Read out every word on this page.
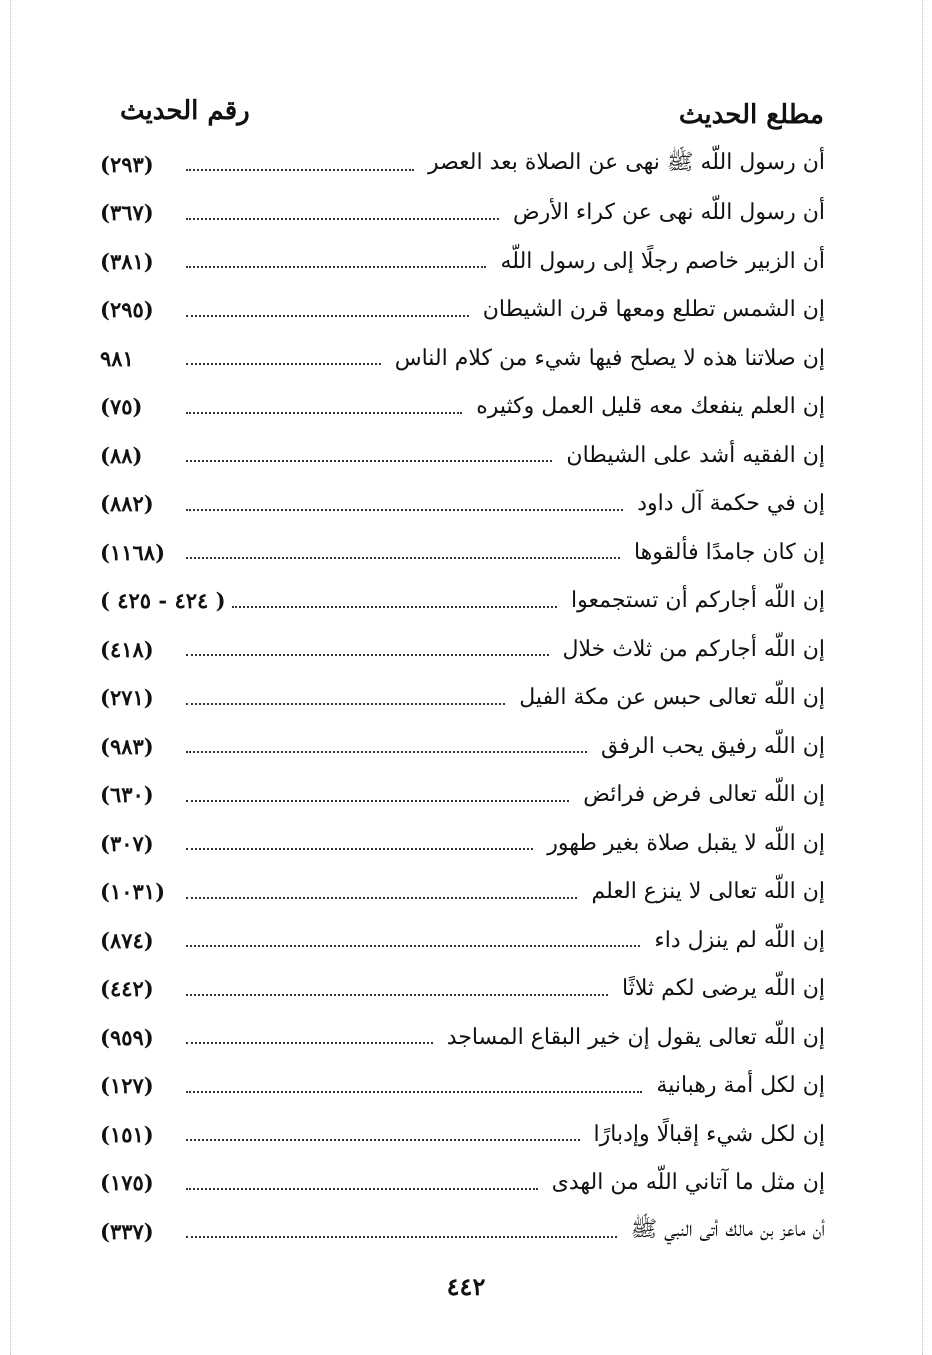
مطلع الحديث
رقم الحديث
أن رسول اللّه ﷺ نهى عن الصلاة بعد العصر
(٢٩٣)
أن رسول اللّه نهى عن كراء الأرض
(٣٦٧)
أن الزبير خاصم رجلًا إلى رسول اللّه
(٣٨١)
إن الشمس تطلع ومعها قرن الشيطان
(٢٩٥)
إن صلاتنا هذه لا يصلح فيها شيء من كلام الناس
٩٨١
إن العلم ينفعك معه قليل العمل وكثيره
(٧٥)
إن الفقيه أشد على الشيطان
(٨٨)
إن في حكمة آل داود
(٨٨٢)
إن كان جامدًا فألقوها
(١١٦٨)
إن اللّه أجاركم أن تستجمعوا
( ٤٢٤ - ٤٢٥ )
إن اللّه أجاركم من ثلاث خلال
(٤١٨)
إن اللّه تعالى حبس عن مكة الفيل
(٢٧١)
إن اللّه رفيق يحب الرفق
(٩٨٣)
إن اللّه تعالى فرض فرائض
(٦٣٠)
إن اللّه لا يقبل صلاة بغير طهور
(٣٠٧)
إن اللّه تعالى لا ينزع العلم
(١٠٣١)
إن اللّه لم ينزل داء
(٨٧٤)
إن اللّه يرضى لكم ثلاثًا
(٤٤٢)
إن اللّه تعالى يقول إن خير البقاع المساجد
(٩٥٩)
إن لكل أمة رهبانية
(١٢٧)
إن لكل شيء إقبالًا وإدبارًا
(١٥١)
إن مثل ما آتاني اللّه من الهدى
(١٧٥)
أن ماعز بن مالك أتى النبي ﷺ
(٣٣٧)
٤٤٢
